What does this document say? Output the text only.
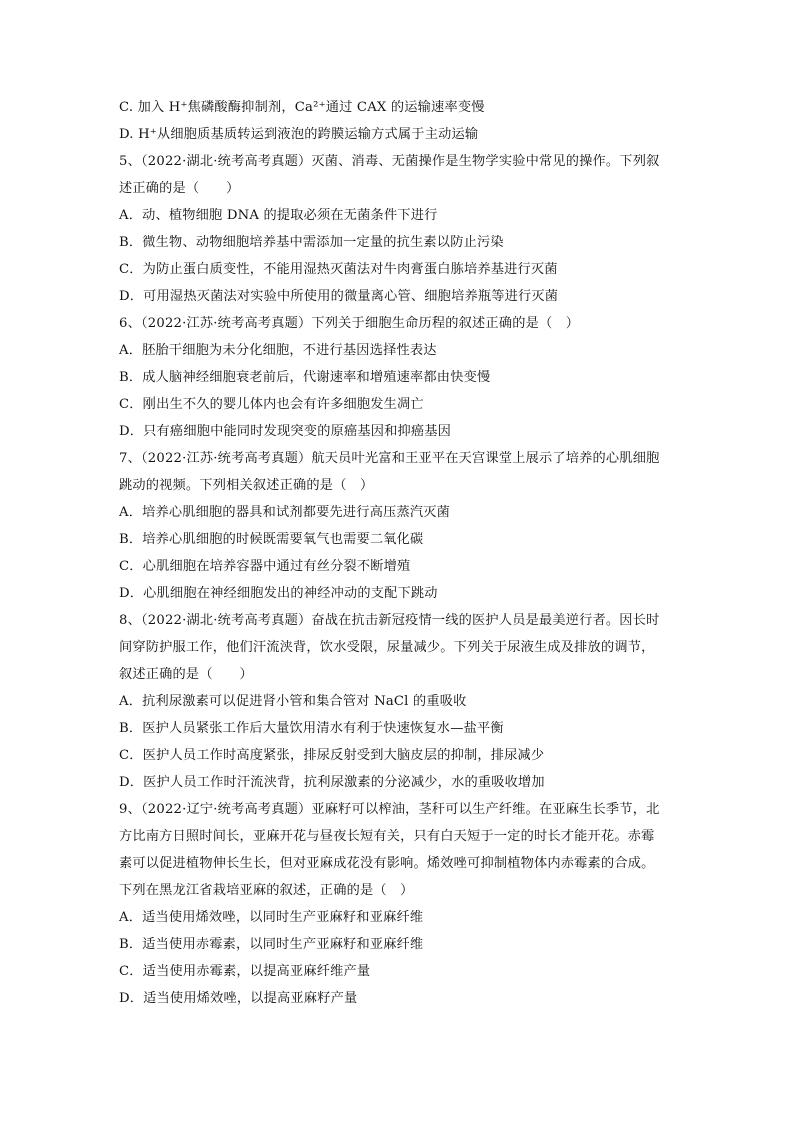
C. 加入 H⁺焦磷酸酶抑制剂，Ca²⁺通过 CAX 的运输速率变慢
D. H⁺从细胞质基质转运到液泡的跨膜运输方式属于主动运输
5、（2022·湖北·统考高考真题）灭菌、消毒、无菌操作是生物学实验中常见的操作。下列叙
述正确的是（　　）
A．动、植物细胞 DNA 的提取必须在无菌条件下进行
B．微生物、动物细胞培养基中需添加一定量的抗生素以防止污染
C．为防止蛋白质变性，不能用湿热灭菌法对牛肉膏蛋白胨培养基进行灭菌
D．可用湿热灭菌法对实验中所使用的微量离心管、细胞培养瓶等进行灭菌
6、（2022·江苏·统考高考真题）下列关于细胞生命历程的叙述正确的是（　）
A．胚胎干细胞为未分化细胞，不进行基因选择性表达
B．成人脑神经细胞衰老前后，代谢速率和增殖速率都由快变慢
C．刚出生不久的婴儿体内也会有许多细胞发生凋亡
D．只有癌细胞中能同时发现突变的原癌基因和抑癌基因
7、（2022·江苏·统考高考真题）航天员叶光富和王亚平在天宫课堂上展示了培养的心肌细胞
跳动的视频。下列相关叙述正确的是（　）
A．培养心肌细胞的器具和试剂都要先进行高压蒸汽灭菌
B．培养心肌细胞的时候既需要氧气也需要二氧化碳
C．心肌细胞在培养容器中通过有丝分裂不断增殖
D．心肌细胞在神经细胞发出的神经冲动的支配下跳动
8、（2022·湖北·统考高考真题）奋战在抗击新冠疫情一线的医护人员是最美逆行者。因长时
间穿防护服工作，他们汗流浃背，饮水受限，尿量减少。下列关于尿液生成及排放的调节，
叙述正确的是（　　）
A．抗利尿激素可以促进肾小管和集合管对 NaCl 的重吸收
B．医护人员紧张工作后大量饮用清水有利于快速恢复水—盐平衡
C．医护人员工作时高度紧张，排尿反射受到大脑皮层的抑制，排尿减少
D．医护人员工作时汗流浃背，抗利尿激素的分泌减少，水的重吸收增加
9、（2022·辽宁·统考高考真题）亚麻籽可以榨油，茎秆可以生产纤维。在亚麻生长季节，北
方比南方日照时间长，亚麻开花与昼夜长短有关，只有白天短于一定的时长才能开花。赤霉
素可以促进植物伸长生长，但对亚麻成花没有影响。烯效唑可抑制植物体内赤霉素的合成。
下列在黑龙江省栽培亚麻的叙述，正确的是（　）
A．适当使用烯效唑，以同时生产亚麻籽和亚麻纤维
B．适当使用赤霉素，以同时生产亚麻籽和亚麻纤维
C．适当使用赤霉素，以提高亚麻纤维产量
D．适当使用烯效唑，以提高亚麻籽产量
